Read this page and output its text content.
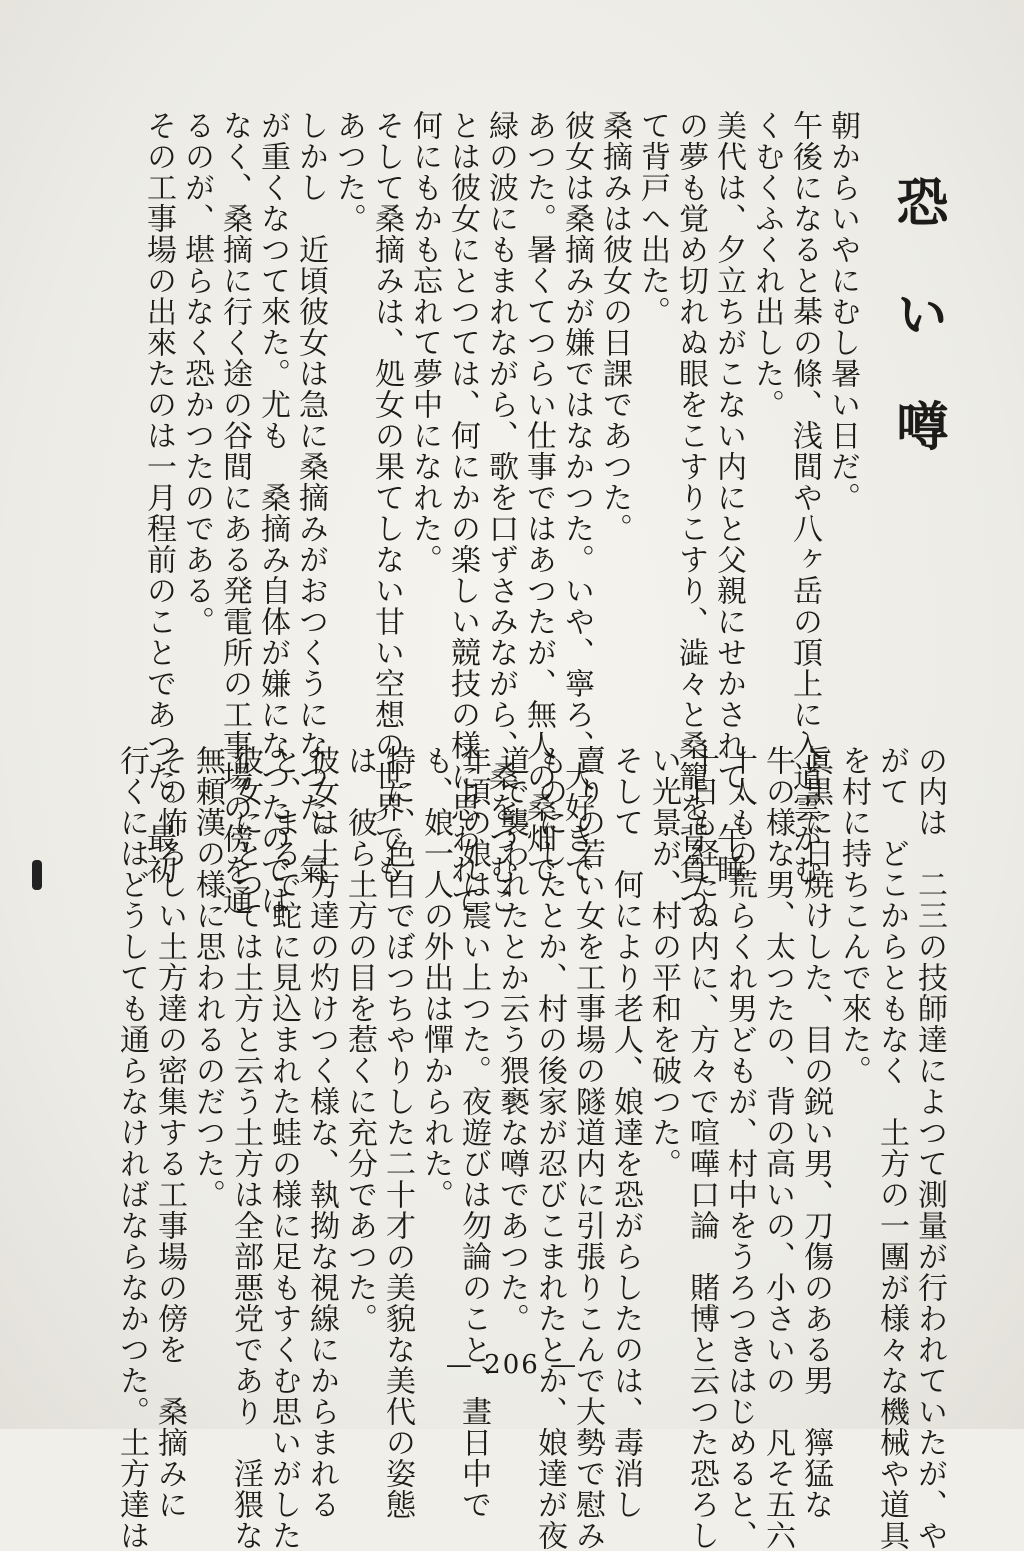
恐い噂

朝からいやにむし暑い日だ。

午後になると棊の條、浅間や八ヶ岳の頂上に入道雲がむ

くむくふくれ出した。

美代は、夕立ちがこない内にと父親にせかされて、午睡

の夢も覚め切れぬ眼をこすりこすり、澁々と桑籠を背負つ

て背戸へ出た。

桑摘みは彼女の日課であつた。

彼女は桑摘みが嫌ではなかつた。いや、寧ろ、大好きで

あつた。暑くてつらい仕事ではあつたが、無人の桑畑で、

緑の波にもまれながら、歌を口ずさみながら、桑をつむこ

とは彼女にとつては、何にかの楽しい競技の様に思われて

何にもかも忘れて夢中になれた。

そして桑摘みは、処女の果てしない甘い空想の世界でも

あつた。

しかし　近頃彼女は急に桑摘みがおつくうになつた。氣

が重くなつて來た。尤も　桑摘み自体が嫌になつたのでは

なく、桑摘に行く途の谷間にある発電所の工事場の傍を通

るのが、堪らなく恐かつたのである。

その工事場の出來たのは一月程前のことであつた。最初

の内は　二三の技師達によつて測量が行われていたが、や

がて　どこからともなく　土方の一團が様々な機械や道具

を村に持ちこんで來た。

眞黒に日焼けした、目の鋭い男、刀傷のある男　獰猛な

牛の様な男、太つたの、背の高いの、小さいの　凡そ五六

十人もの荒らくれ男どもが、村中をうろつきはじめると、

十日も経たぬ内に、方々で喧嘩口論　賭博と云つた恐ろし

い光景が、村の平和を破つた。

そして　何により老人、娘達を恐がらしたのは、毒消し

賣りの若い女を工事場の隧道内に引張りこんで大勢で慰み

ものにしたとか、村の後家が忍びこまれたとか、娘達が夜

道で襲われたとか云う猥褻な噂であつた。

年頃の娘は震い上つた。夜遊びは勿論のこと、晝日中で

も、娘一人の外出は憚かられた。

特に、色白でぼつちやりした二十才の美貌な美代の姿態

は　彼ら土方の目を惹くに充分であつた。

彼女は土方達の灼けつく様な、執拗な視線にからまれる

と、まるで蛇に見込まれた蛙の様に足もすくむ思いがした

彼女にとつては土方と云う土方は全部悪党であり　淫猥な

無頼漢の様に思われるのだつた。

その怖ろしい土方達の密集する工事場の傍を　桑摘みに

行くにはどうしても通らなければならなかつた。土方達は	— 206 —
